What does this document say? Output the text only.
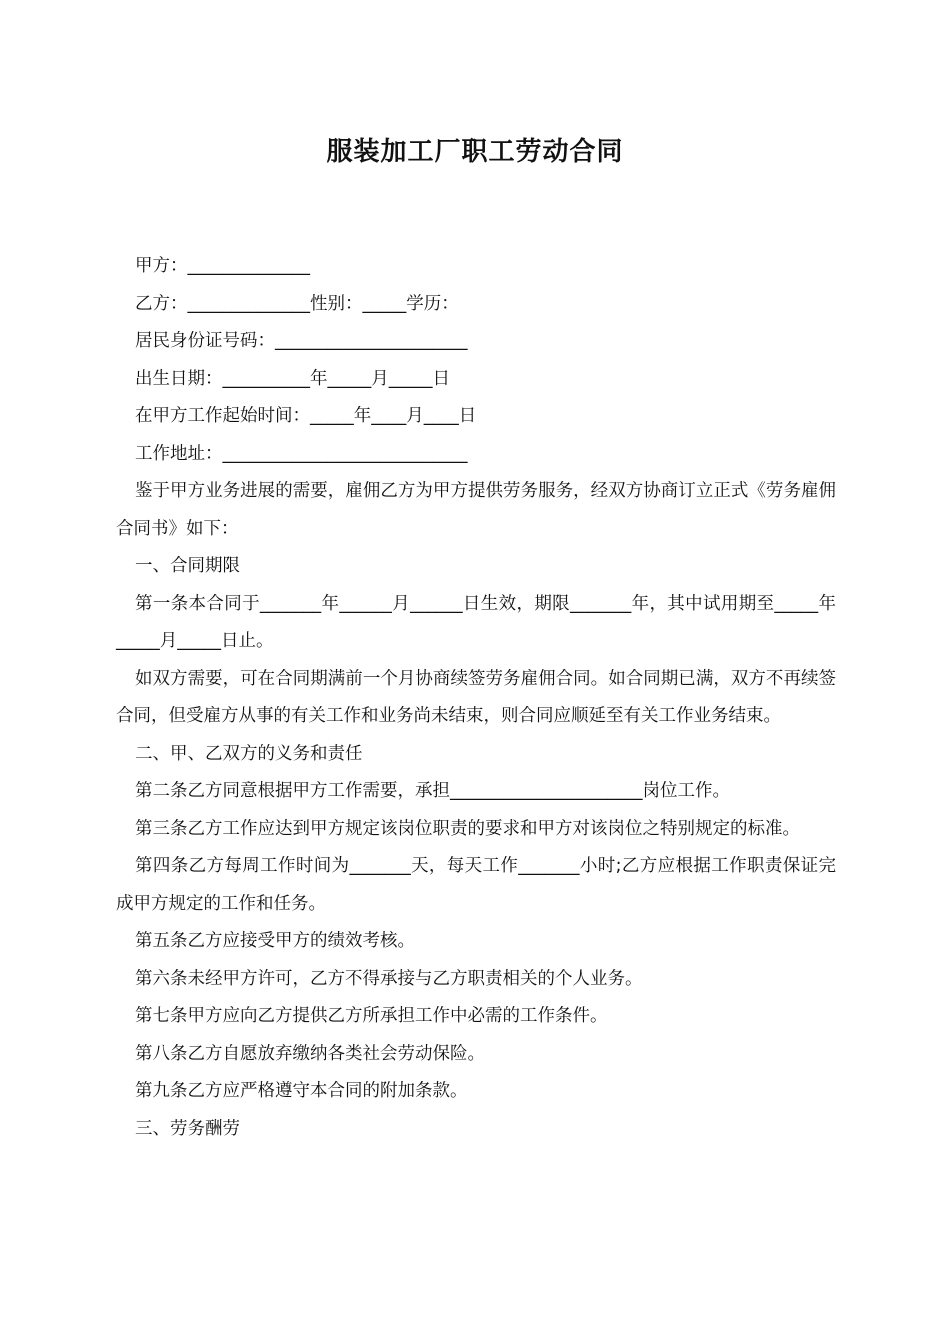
服装加工厂职工劳动合同

甲方：______________

乙方：______________性别：_____学历：

居民身份证号码：______________________

出生日期：__________年_____月_____日

在甲方工作起始时间：_____年____月____日

工作地址：____________________________

鉴于甲方业务进展的需要，雇佣乙方为甲方提供劳务服务，经双方协商订立正式《劳务雇佣合同书》如下：

一、合同期限

第一条本合同于_______年______月______日生效，期限_______年，其中试用期至_____年_____月_____日止。

如双方需要，可在合同期满前一个月协商续签劳务雇佣合同。如合同期已满，双方不再续签合同，但受雇方从事的有关工作和业务尚未结束，则合同应顺延至有关工作业务结束。

二、甲、乙双方的义务和责任

第二条乙方同意根据甲方工作需要，承担______________________岗位工作。

第三条乙方工作应达到甲方规定该岗位职责的要求和甲方对该岗位之特别规定的标准。

第四条乙方每周工作时间为_______天，每天工作_______小时;乙方应根据工作职责保证完成甲方规定的工作和任务。

第五条乙方应接受甲方的绩效考核。

第六条未经甲方许可，乙方不得承接与乙方职责相关的个人业务。

第七条甲方应向乙方提供乙方所承担工作中必需的工作条件。

第八条乙方自愿放弃缴纳各类社会劳动保险。

第九条乙方应严格遵守本合同的附加条款。

三、劳务酬劳
